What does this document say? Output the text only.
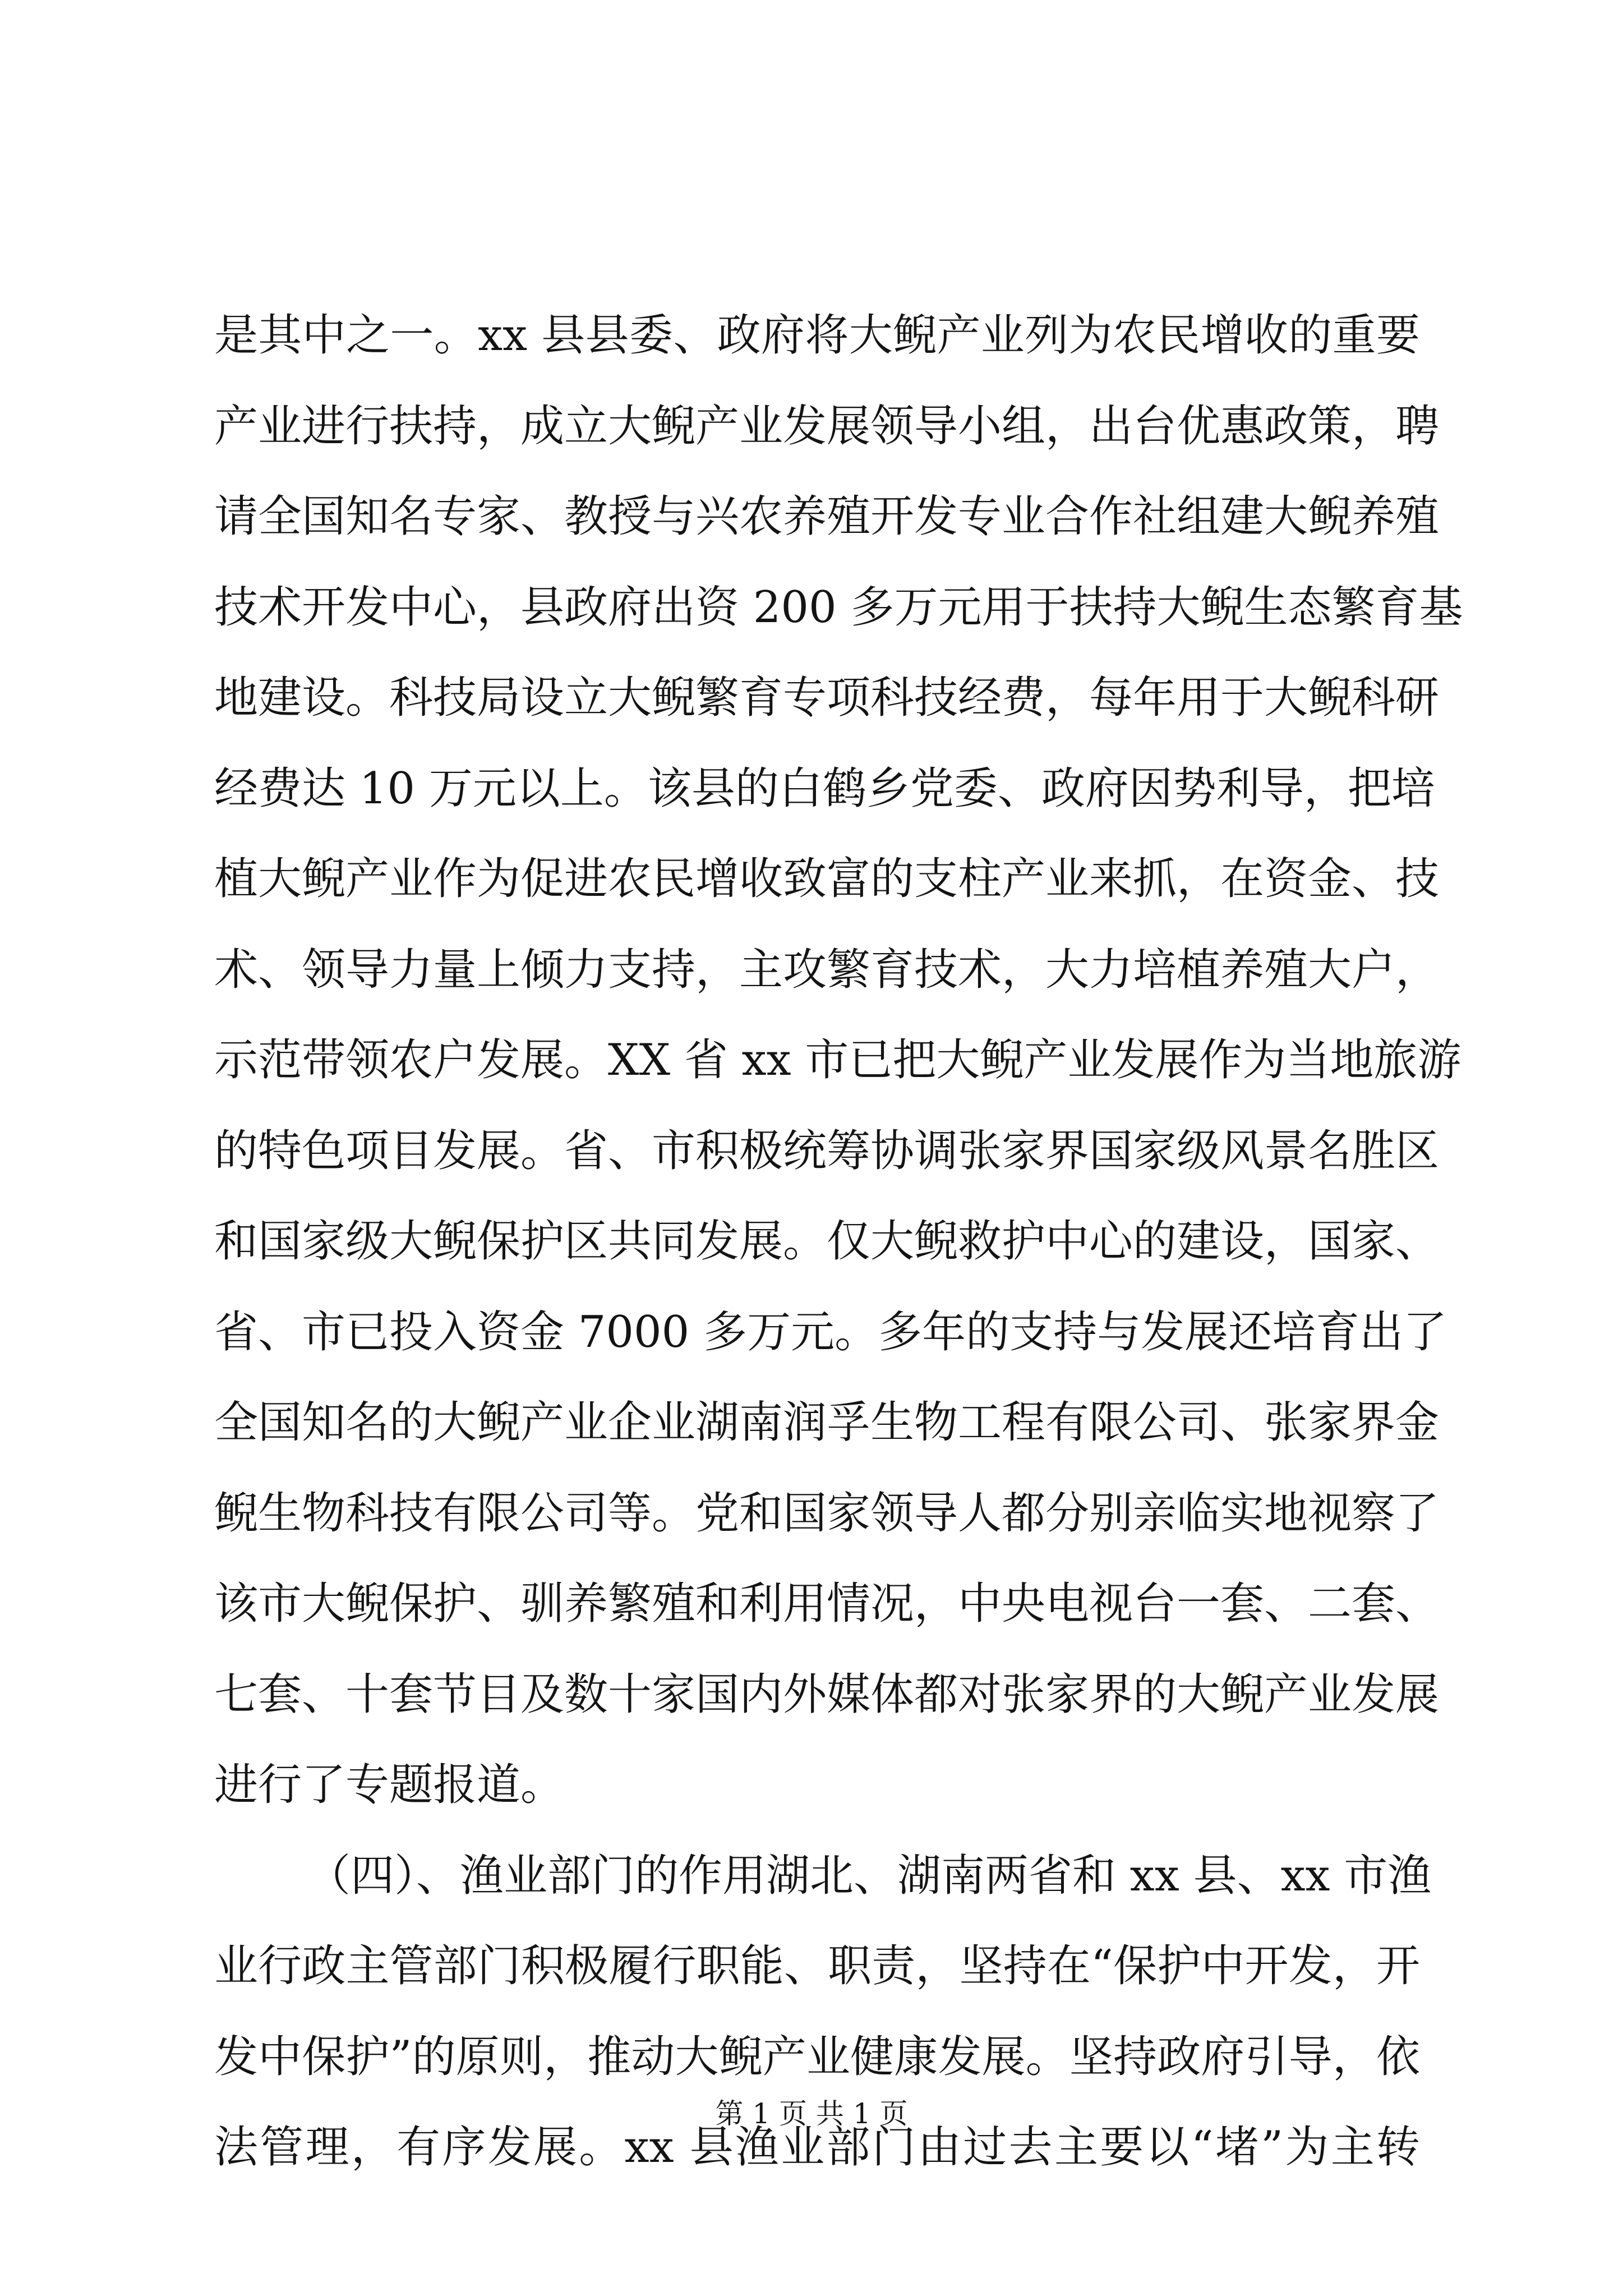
是其中之一。xx 县县委、政府将大鲵产业列为农民增收的重要
产业进行扶持，成立大鲵产业发展领导小组，出台优惠政策，聘
请全国知名专家、教授与兴农养殖开发专业合作社组建大鲵养殖
技术开发中心，县政府出资 200 多万元用于扶持大鲵生态繁育基
地建设。科技局设立大鲵繁育专项科技经费，每年用于大鲵科研
经费达 10 万元以上。该县的白鹤乡党委、政府因势利导，把培
植大鲵产业作为促进农民增收致富的支柱产业来抓，在资金、技
术、领导力量上倾力支持，主攻繁育技术，大力培植养殖大户，
示范带领农户发展。XX 省 xx 市已把大鲵产业发展作为当地旅游
的特色项目发展。省、市积极统筹协调张家界国家级风景名胜区
和国家级大鲵保护区共同发展。仅大鲵救护中心的建设，国家、
省、市已投入资金 7000 多万元。多年的支持与发展还培育出了
全国知名的大鲵产业企业湖南润孚生物工程有限公司、张家界金
鲵生物科技有限公司等。党和国家领导人都分别亲临实地视察了
该市大鲵保护、驯养繁殖和利用情况，中央电视台一套、二套、
七套、十套节目及数十家国内外媒体都对张家界的大鲵产业发展
进行了专题报道。
（四）、渔业部门的作用湖北、湖南两省和 xx 县、xx 市渔
业行政主管部门积极履行职能、职责，坚持在“保护中开发，开
发中保护”的原则，推动大鲵产业健康发展。坚持政府引导，依
法管理，有序发展。xx 县渔业部门由过去主要以“堵”为主转
第 1 页 共 1 页
